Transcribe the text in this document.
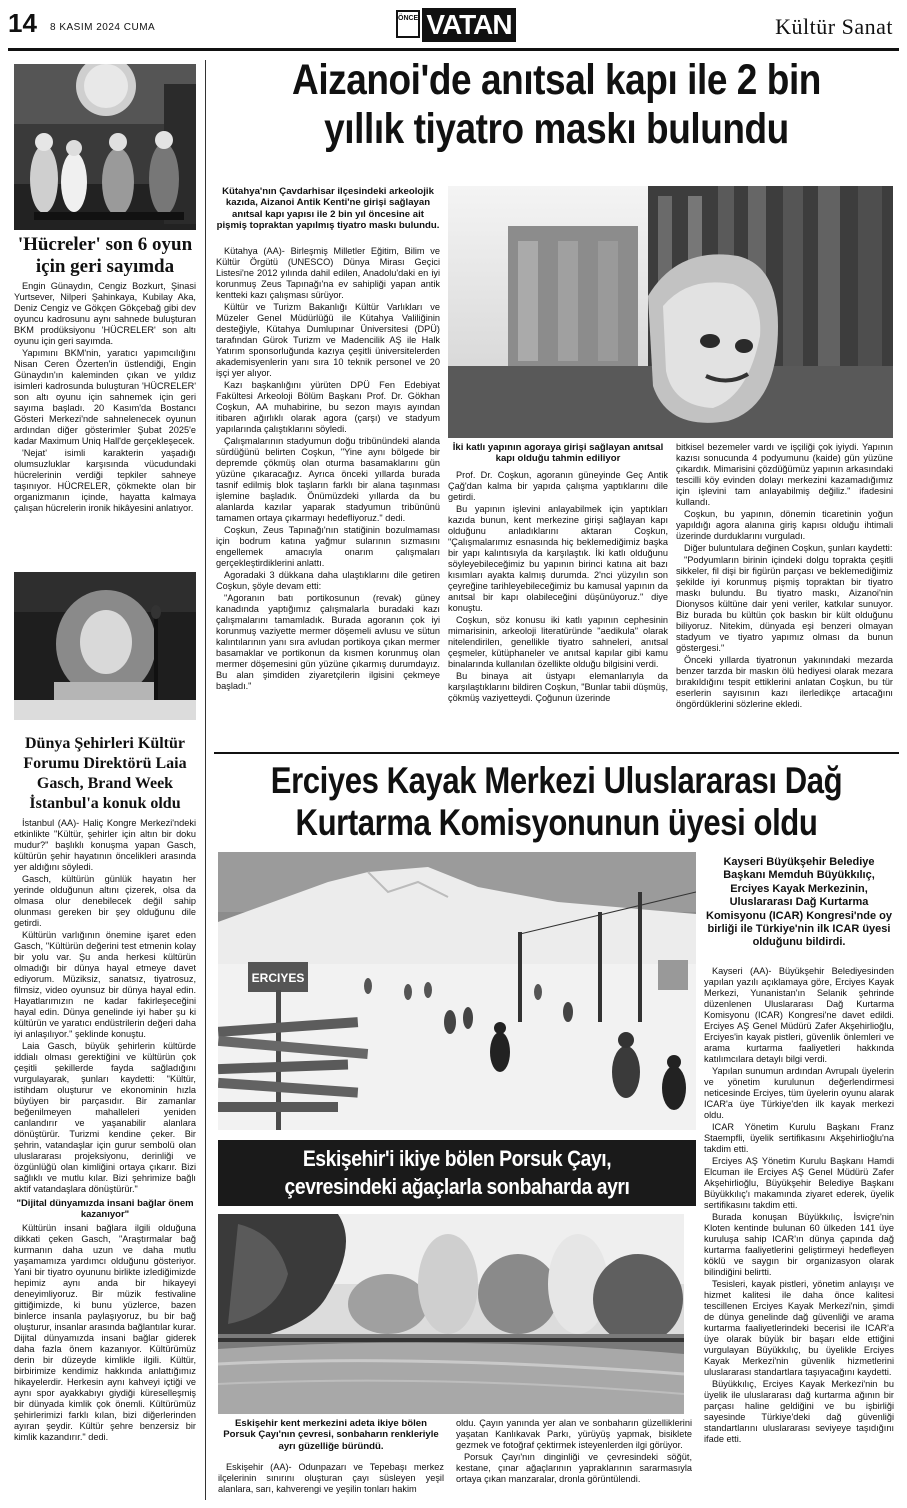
14 8 KASIM 2024 CUMA
ÖNCE VATAN	Kültür Sanat
'Hücreler' son 6 oyun için geri sayımda

Engin Günaydın, Cengiz Bozkurt, Şinasi Yurtsever, Nilperi Şahinkaya, Kubilay Aka, Deniz Cengiz ve Gökçen Gökçebağ gibi dev oyuncu kadrosunu aynı sahnede buluşturan BKM prodüksiyonu 'HÜCRELER' son altı oyunu için geri sayımda.

Yapımını BKM'nin, yaratıcı yapımcılığını Nisan Ceren Özerten'in üstlendiği, Engin Günaydın'ın kaleminden çıkan ve yıldız isimleri kadrosunda buluşturan 'HÜCRELER' son altı oyunu için sahnemek için geri sayıma başladı. 20 Kasım'da Bostancı Gösteri Merkezi'nde sahnelenecek oyunun ardından diğer gösterimler Şubat 2025'e kadar Maximum Uniq Hall'de gerçekleşecek.

'Nejat' isimli karakterin yaşadığı olumsuzluklar karşısında vücudundaki hücrelerinin verdiği tepkiler sahneye taşınıyor. HÜCRELER, çökmekte olan bir organizmanın içinde, hayatta kalmaya çalışan hücrelerin ironik hikâyesini anlatıyor.

Dünya Şehirleri Kültür Forumu Direktörü Laia Gasch, Brand Week İstanbul'a konuk oldu

İstanbul (AA)- Haliç Kongre Merkezi'ndeki etkinlikte "Kültür, şehirler için altın bir doku mudur?" başlıklı konuşma yapan Gasch, kültürün şehir hayatının öncelikleri arasında yer aldığını söyledi.

Gasch, kültürün günlük hayatın her yerinde olduğunun altını çizerek, olsa da olmasa olur denebilecek değil sahip olunması gereken bir şey olduğunu dile getirdi.

Kültürün varlığının önemine işaret eden Gasch, "Kültürün değerini test etmenin kolay bir yolu var. Şu anda herkesi kültürün olmadığı bir dünya hayal etmeye davet ediyorum. Müziksiz, sanatsız, tiyatrosuz, filmsiz, video oyunsuz bir dünya hayal edin. Hayatlarımızın ne kadar fakirleşeceğini hayal edin. Dünya genelinde iyi haber şu ki kültürün ve yaratıcı endüstrilerin değeri daha iyi anlaşılıyor." şeklinde konuştu.

Laia Gasch, büyük şehirlerin kültürde iddialı olması gerektiğini ve kültürün çok çeşitli şekillerde fayda sağladığını vurgulayarak, şunları kaydetti: "Kültür, istihdam oluşturur ve ekonominin hızla büyüyen bir parçasıdır. Bir zamanlar beğenilmeyen mahalleleri yeniden canlandırır ve yaşanabilir alanlara dönüştürür. Turizmi kendine çeker. Bir şehrin, vatandaşlar için gurur sembolü olan uluslararası projeksiyonu, derinliği ve özgünlüğü olan kimliğini ortaya çıkarır. Bizi sağlıklı ve mutlu kılar. Bizi şehrimize bağlı aktif vatandaşlara dönüştürür."

"Dijital dünyamızda insani bağlar önem kazanıyor"

Kültürün insani bağlara ilgili olduğuna dikkati çeken Gasch, "Araştırmalar bağ kurmanın daha uzun ve daha mutlu yaşamamıza yardımcı olduğunu gösteriyor. Yani bir tiyatro oyununu birlikte izlediğimizde hepimiz aynı anda bir hikayeyi deneyimliyoruz. Bir müzik festivaline gittiğimizde, ki bunu yüzlerce, bazen binlerce insanla paylaşıyoruz, bu bir bağ oluşturur, insanlar arasında bağlantılar kurar. Dijital dünyamızda insani bağlar giderek daha fazla önem kazanıyor. Kültürümüz derin bir düzeyde kimlikle ilgili. Kültür, birbirimize kendimiz hakkında anlattığımız hikayelerdir. Herkesin aynı kahveyi içtiği ve aynı spor ayakkabıyı giydiği küreselleşmiş bir dünyada kimlik çok önemli. Kültürümüz şehirlerimizi farklı kılan, bizi diğerlerinden ayıran şeydir. Kültür şehre benzersiz bir kimlik kazandırır." dedi.

Aizanoi'de anıtsal kapı ile 2 bin yıllık tiyatro maskı bulundu
Kütahya'nın Çavdarhisar ilçesindeki arkeolojik kazıda, Aizanoi Antik Kenti'ne girişi sağlayan anıtsal kapı yapısı ile 2 bin yıl öncesine ait pişmiş topraktan yapılmış tiyatro maskı bulundu.

Kütahya (AA)- Birleşmiş Milletler Eğitim, Bilim ve Kültür Örgütü (UNESCO) Dünya Mirası Geçici Listesi'ne 2012 yılında dahil edilen, Anadolu'daki en iyi korunmuş Zeus Tapınağı'na ev sahipliği yapan antik kentteki kazı çalışması sürüyor.

Kültür ve Turizm Bakanlığı Kültür Varlıkları ve Müzeler Genel Müdürlüğü ile Kütahya Valiliğinin desteğiyle, Kütahya Dumlupınar Üniversitesi (DPÜ) tarafından Gürok Turizm ve Madencilik AŞ ile Halk Yatırım sponsorluğunda kazıya çeşitli üniversitelerden akademisyenlerin yanı sıra 10 teknik personel ve 20 işçi yer alıyor.

Kazı başkanlığını yürüten DPÜ Fen Edebiyat Fakültesi Arkeoloji Bölüm Başkanı Prof. Dr. Gökhan Coşkun, AA muhabirine, bu sezon mayıs ayından itibaren ağırlıklı olarak agora (çarşı) ve stadyum yapılarında çalıştıklarını söyledi.

Çalışmalarının stadyumun doğu tribünündeki alanda sürdüğünü belirten Coşkun, "Yine aynı bölgede bir depremde çökmüş olan oturma basamaklarını gün yüzüne çıkaracağız. Ayrıca önceki yıllarda burada tasnif edilmiş blok taşların farklı bir alana taşınması işlemine başladık. Önümüzdeki yıllarda da bu alanlarda kazılar yaparak stadyumun tribününü tamamen ortaya çıkarmayı hedefliyoruz." dedi.

Coşkun, Zeus Tapınağı'nın statiğinin bozulmaması için bodrum katına yağmur sularının sızmasını engellemek amacıyla onarım çalışmaları gerçekleştirdiklerini anlattı.

Agoradaki 3 dükkana daha ulaştıklarını dile getiren Coşkun, şöyle devam etti:

"Agoranın batı portikosunun (revak) güney kanadında yaptığımız çalışmalarla buradaki kazı çalışmalarını tamamladık. Burada agoranın çok iyi korunmuş vaziyette mermer döşemeli avlusu ve sütun kalıntılarının yanı sıra avludan portikoya çıkan mermer basamaklar ve portikonun da kısmen korunmuş olan mermer döşemesini gün yüzüne çıkarmış durumdayız. Bu alan şimdiden ziyaretçilerin ilgisini çekmeye başladı."

İki katlı yapının agoraya girişi sağlayan anıtsal kapı olduğu tahmin ediliyor

Prof. Dr. Coşkun, agoranın güneyinde Geç Antik Çağ'dan kalma bir yapıda çalışma yaptıklarını dile getirdi.

Bu yapının işlevini anlayabilmek için yaptıkları kazıda bunun, kent merkezine girişi sağlayan kapı olduğunu anladıklarını aktaran Coşkun, "Çalışmalarımız esnasında hiç beklemediğimiz başka bir yapı kalıntısıyla da karşılaştık. İki katlı olduğunu söyleyebileceğimiz bu yapının birinci katına ait bazı kısımları ayakta kalmış durumda. 2'nci yüzyılın son çeyreğine tarihleyebileceğimiz bu kamusal yapının da anıtsal bir kapı olabileceğini düşünüyoruz." diye konuştu.

Coşkun, söz konusu iki katlı yapının cephesinin mimarisinin, arkeoloji literatüründe "aedikula" olarak nitelendirilen, genellikle tiyatro sahneleri, anıtsal çeşmeler, kütüphaneler ve anıtsal kapılar gibi kamu binalarında kullanılan özellikte olduğu bilgisini verdi.

Bu binaya ait üstyapı elemanlarıyla da karşılaştıklarını bildiren Coşkun, "Bunlar tabii düşmüş, çökmüş vaziyetteydi. Çoğunun üzerinde

bitkisel bezemeler vardı ve işçiliği çok iyiydi. Yapının kazısı sonucunda 4 podyumunu (kaide) gün yüzüne çıkardık. Mimarisini çözdüğümüz yapının arkasındaki tescilli köy evinden dolayı merkezini kazamadığımız için işlevini tam anlayabilmiş değiliz." ifadesini kullandı.

Coşkun, bu yapının, dönemin ticaretinin yoğun yapıldığı agora alanına giriş kapısı olduğu ihtimali üzerinde durduklarını vurguladı.

Diğer buluntulara değinen Coşkun, şunları kaydetti:

"Podyumların birinin içindeki dolgu toprakta çeşitli sikkeler, fil dişi bir figürün parçası ve beklemediğimiz şekilde iyi korunmuş pişmiş topraktan bir tiyatro maskı bulundu. Bu tiyatro maskı, Aizanoi'nin Dionysos kültüne dair yeni veriler, katkılar sunuyor. Biz burada bu kültün çok baskın bir kült olduğunu biliyoruz. Nitekim, dünyada eşi benzeri olmayan stadyum ve tiyatro yapımız olması da bunun göstergesi."

Önceki yıllarda tiyatronun yakınındaki mezarda benzer tarzda bir maskın ölü hediyesi olarak mezara bırakıldığını tespit ettiklerini anlatan Coşkun, bu tür eserlerin sayısının kazı ilerledikçe artacağını öngördüklerini sözlerine ekledi.

Erciyes Kayak Merkezi Uluslararası Dağ Kurtarma Komisyonunun üyesi oldu
ERCIYES
Kayseri Büyükşehir Belediye Başkanı Memduh Büyükkılıç, Erciyes Kayak Merkezinin, Uluslararası Dağ Kurtarma Komisyonu (ICAR) Kongresi'nde oy birliği ile Türkiye'nin ilk ICAR üyesi olduğunu bildirdi.

Kayseri (AA)- Büyükşehir Belediyesinden yapılan yazılı açıklamaya göre, Erciyes Kayak Merkezi, Yunanistan'ın Selanik şehrinde düzenlenen Uluslararası Dağ Kurtarma Komisyonu (ICAR) Kongresi'ne davet edildi. Erciyes AŞ Genel Müdürü Zafer Akşehirlioğlu, Erciyes'in kayak pistleri, güvenlik önlemleri ve arama kurtarma faaliyetleri hakkında katılımcılara detaylı bilgi verdi.

Yapılan sunumun ardından Avrupalı üyelerin ve yönetim kurulunun değerlendirmesi neticesinde Erciyes, tüm üyelerin oyunu alarak ICAR'a üye Türkiye'den ilk kayak merkezi oldu.

ICAR Yönetim Kurulu Başkanı Franz Staempfli, üyelik sertifikasını Akşehirlioğlu'na takdim etti.

Erciyes AŞ Yönetim Kurulu Başkanı Hamdi Elcuman ile Erciyes AŞ Genel Müdürü Zafer Akşehirlioğlu, Büyükşehir Belediye Başkanı Büyükkılıç'ı makamında ziyaret ederek, üyelik sertifikasını takdim etti.

Burada konuşan Büyükkılıç, İsviçre'nin Kloten kentinde bulunan 60 ülkeden 141 üye kuruluşa sahip ICAR'ın dünya çapında dağ kurtarma faaliyetlerini geliştirmeyi hedefleyen köklü ve saygın bir organizasyon olarak bilindiğini belirtti.

Tesisleri, kayak pistleri, yönetim anlayışı ve hizmet kalitesi ile daha önce kalitesi tescillenen Erciyes Kayak Merkezi'nin, şimdi de dünya genelinde dağ güvenliği ve arama kurtarma faaliyetlerindeki becerisi ile ICAR'a üye olarak büyük bir başarı elde ettiğini vurgulayan Büyükkılıç, bu üyelikle Erciyes Kayak Merkezi'nin güvenlik hizmetlerini uluslararası standartlara taşıyacağını kaydetti.

Büyükkılıç, Erciyes Kayak Merkezi'nin bu üyelik ile uluslararası dağ kurtarma ağının bir parçası haline geldiğini ve bu işbirliği sayesinde Türkiye'deki dağ güvenliği standartlarını uluslararası seviyeye taşıdığını ifade etti.

Eskişehir'i ikiye bölen Porsuk Çayı, çevresindeki ağaçlarla sonbaharda ayrı
Eskişehir kent merkezini adeta ikiye bölen Porsuk Çayı'nın çevresi, sonbaharın renkleriyle ayrı güzelliğe büründü.

Eskişehir (AA)- Odunpazarı ve Tepebaşı merkez ilçelerinin sınırını oluşturan çayı süsleyen yeşil alanlara, sarı, kahverengi ve yeşilin tonları hakim

oldu. Çayın yanında yer alan ve sonbaharın güzelliklerini yaşatan Kanlıkavak Parkı, yürüyüş yapmak, bisiklete gezmek ve fotoğraf çektirmek isteyenlerden ilgi görüyor.

Porsuk Çayı'nın dinginliği ve çevresindeki söğüt, kestane, çınar ağaçlarının yapraklarının sararmasıyla ortaya çıkan manzaralar, dronla görüntülendi.
